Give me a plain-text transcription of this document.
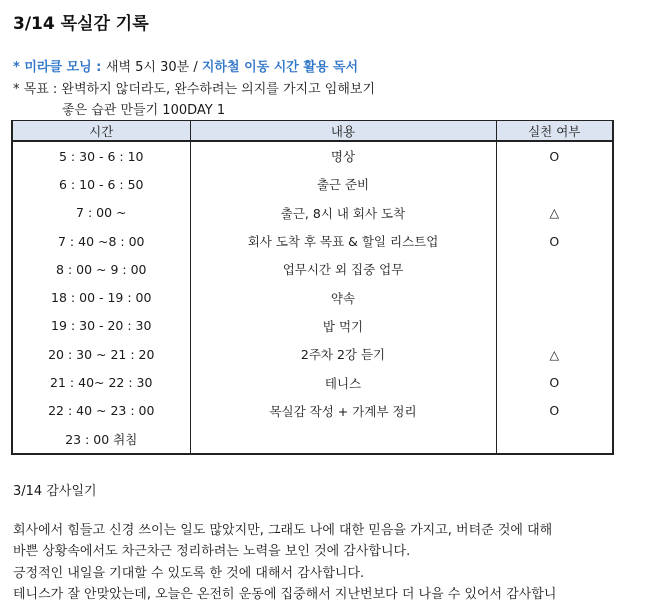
3/14 목실감 기록
* 미라클 모닝 : 새벽 5시 30분 / 지하철 이동 시간 활용 독서
* 목표 : 완벽하지 않더라도, 완수하려는 의지를 가지고 임해보기
좋은 습관 만들기 100DAY 1
시간	내용	실천 여부
5 : 30 - 6 : 10	명상	O
6 : 10 - 6 : 50	출근 준비	
7 : 00 ~	출근, 8시 내 회사 도착	△
7 : 40 ~8 : 00	회사 도착 후 목표 & 할일 리스트업	O
8 : 00 ~ 9 : 00	업무시간 외 집중 업무	
18 : 00 - 19 : 00	약속	
19 : 30 - 20 : 30	밥 먹기	
20 : 30 ~ 21 : 20	2주차 2강 듣기	△
21 : 40~ 22 : 30	테니스	O
22 : 40 ~ 23 : 00	목실감 작성 + 가계부 정리	O
23 : 00 취침		
3/14 감사일기
회사에서 힘들고 신경 쓰이는 일도 많았지만, 그래도 나에 대한 믿음을 가지고, 버텨준 것에 대해
바쁜 상황속에서도 차근차근 정리하려는 노력을 보인 것에 감사합니다.
긍정적인 내일을 기대할 수 있도록 한 것에 대해서 감사합니다.
테니스가 잘 안맞았는데, 오늘은 온전히 운동에 집중해서 지난번보다 더 나을 수 있어서 감사합니
